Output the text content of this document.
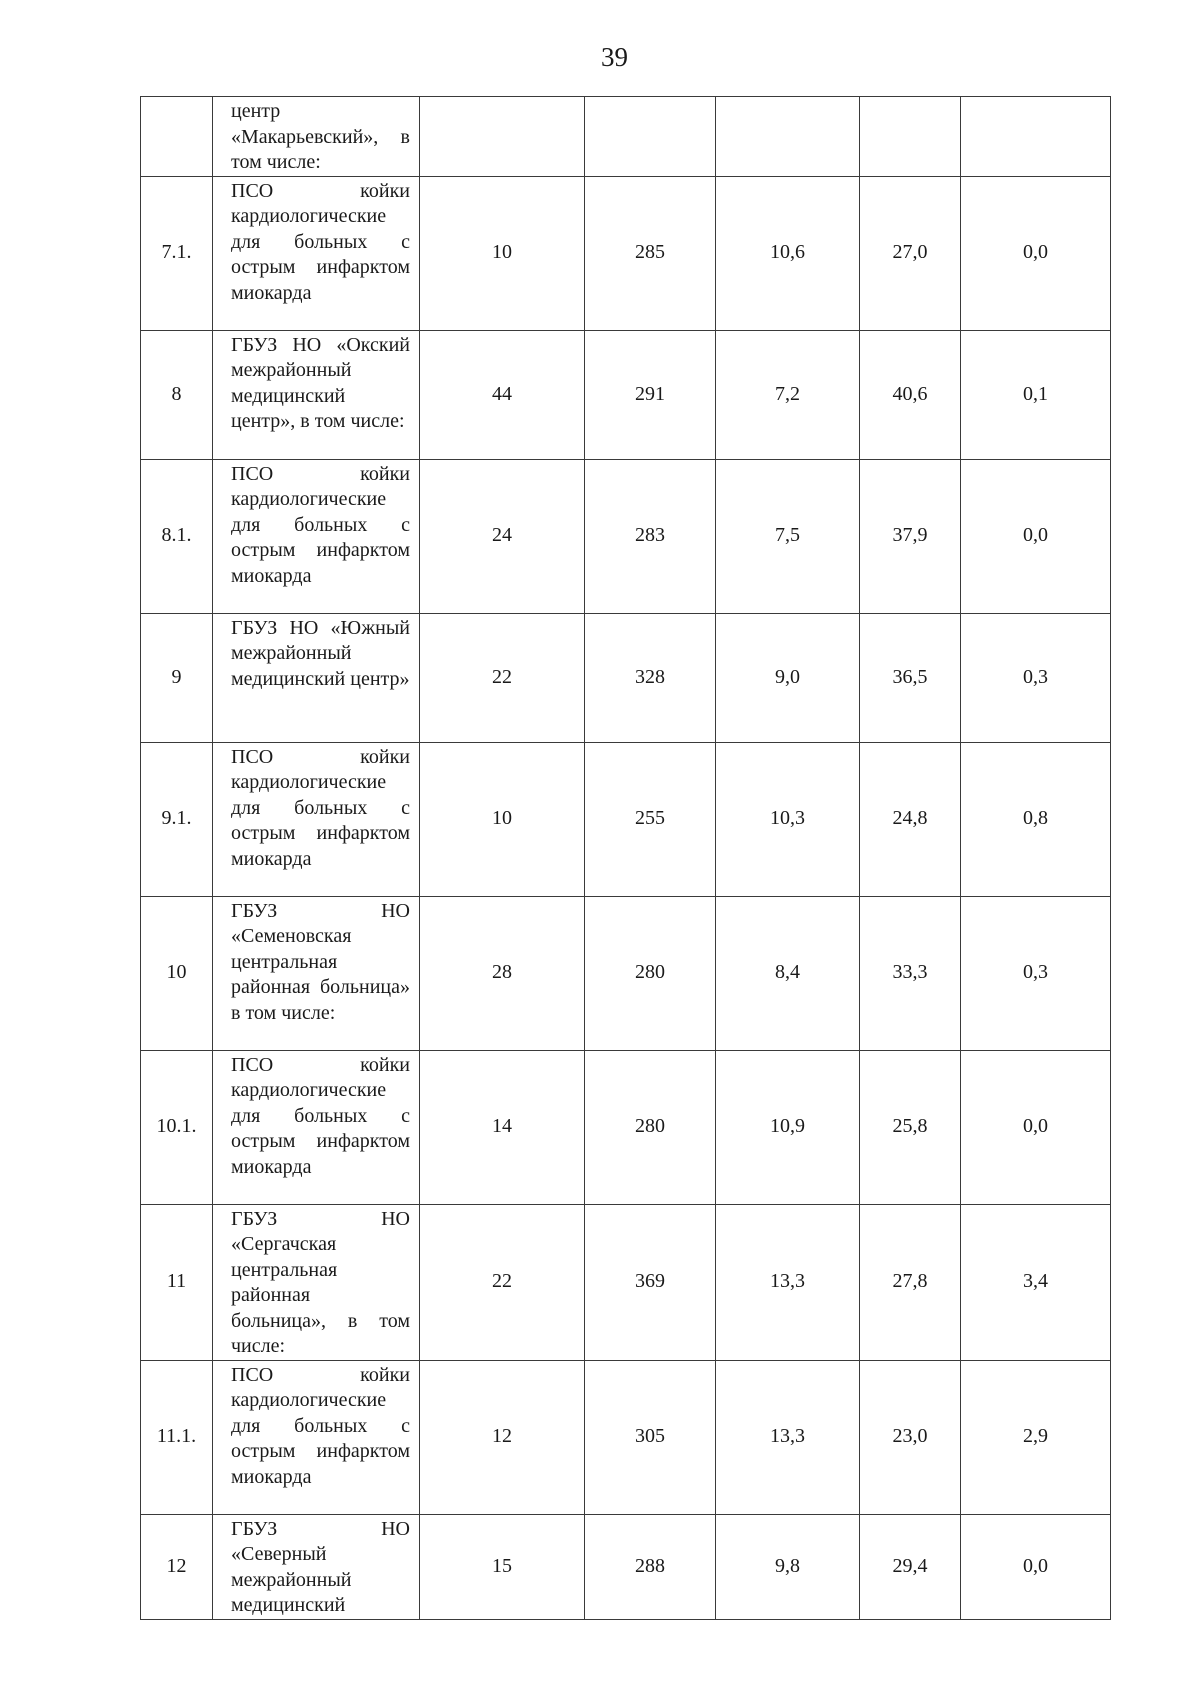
39
	центр «Макарьевский», в том числе:					
7.1.	ПСО койки кардиологические для больных с острым инфарктом миокарда	10	285	10,6	27,0	0,0
8	ГБУЗ НО «Окский межрайонный медицинский центр», в том числе:	44	291	7,2	40,6	0,1
8.1.	ПСО койки кардиологические для больных с острым инфарктом миокарда	24	283	7,5	37,9	0,0
9	ГБУЗ НО «Южный межрайонный медицинский центр»	22	328	9,0	36,5	0,3
9.1.	ПСО койки кардиологические для больных с острым инфарктом миокарда	10	255	10,3	24,8	0,8
10	ГБУЗ НО «Семеновская центральная районная больница» в том числе:	28	280	8,4	33,3	0,3
10.1.	ПСО койки кардиологические для больных с острым инфарктом миокарда	14	280	10,9	25,8	0,0
11	ГБУЗ НО «Сергачская центральная районная больница», в том числе:	22	369	13,3	27,8	3,4
11.1.	ПСО койки кардиологические для больных с острым инфарктом миокарда	12	305	13,3	23,0	2,9
12	ГБУЗ НО «Северный межрайонный медицинский	15	288	9,8	29,4	0,0
